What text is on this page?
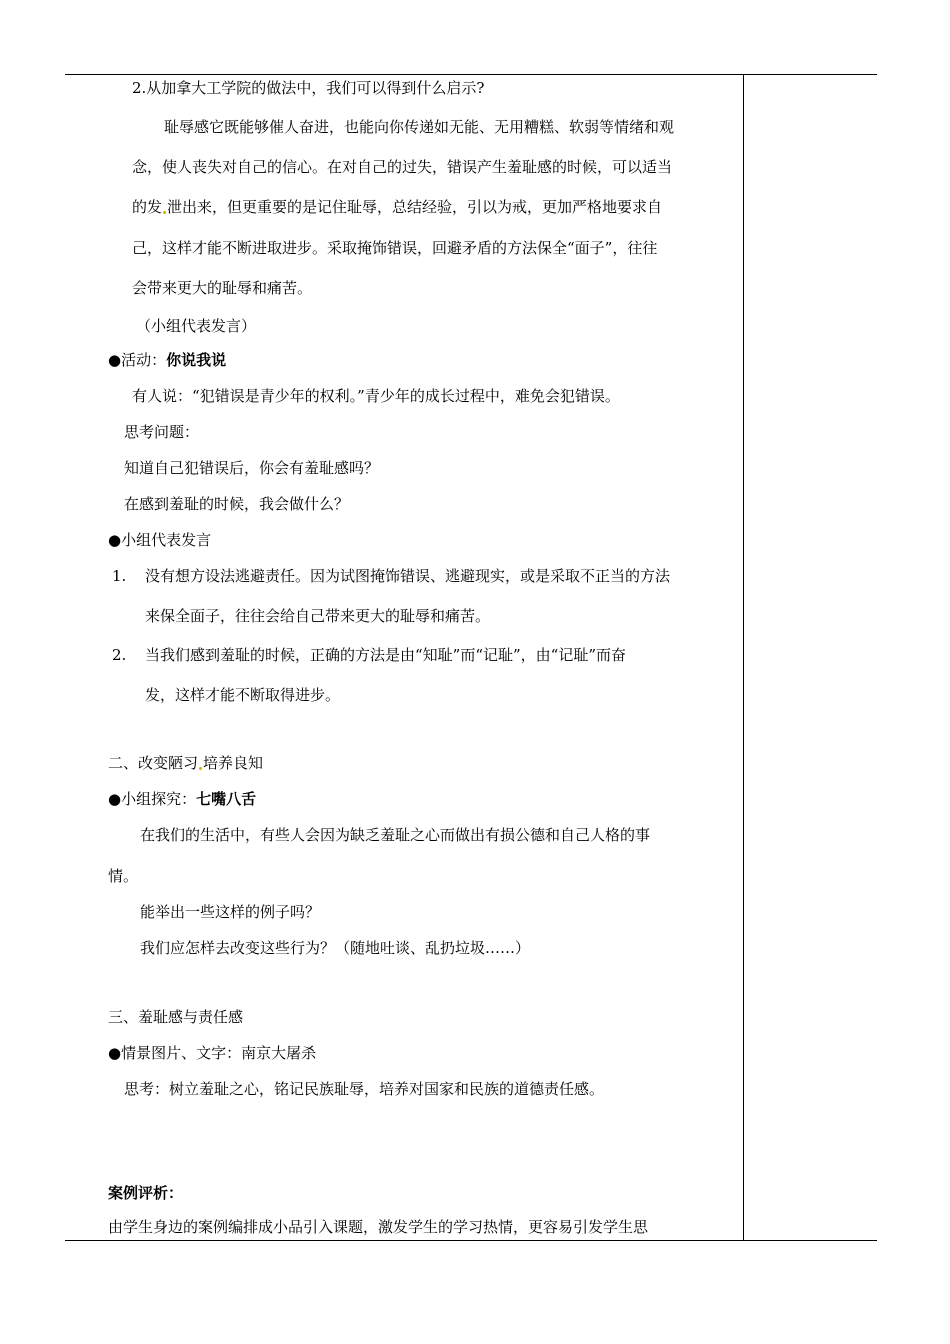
2.从加拿大工学院的做法中，我们可以得到什么启示?
耻辱感它既能够催人奋进，也能向你传递如无能、无用糟糕、软弱等情绪和观
念，使人丧失对自己的信心。在对自己的过失，错误产生羞耻感的时候，可以适当
的发 泄出来，但更重要的是记住耻辱，总结经验，引以为戒，更加严格地要求自
己，这样才能不断进取进步。采取掩饰错误，回避矛盾的方法保全“面子”，往往
会带来更大的耻辱和痛苦。
（小组代表发言）
●活动：你说我说
有人说：“犯错误是青少年的权利。”青少年的成长过程中，难免会犯错误。
思考问题：
知道自己犯错误后，你会有羞耻感吗？
在感到羞耻的时候，我会做什么？
●小组代表发言
1. 没有想方设法逃避责任。因为试图掩饰错误、逃避现实，或是采取不正当的方法
来保全面子，往往会给自己带来更大的耻辱和痛苦。
2. 当我们感到羞耻的时候，正确的方法是由“知耻”而“记耻”，由“记耻”而奋
发，这样才能不断取得进步。
二、改变陋习 培养良知
●小组探究：七嘴八舌
在我们的生活中，有些人会因为缺乏羞耻之心而做出有损公德和自己人格的事
情。
能举出一些这样的例子吗？
我们应怎样去改变这些行为？（随地吐谈、乱扔垃圾……）
三、羞耻感与责任感
●情景图片、文字：南京大屠杀
思考：树立羞耻之心，铭记民族耻辱，培养对国家和民族的道德责任感。
案例评析：
由学生身边的案例编排成小品引入课题，激发学生的学习热情，更容易引发学生思
